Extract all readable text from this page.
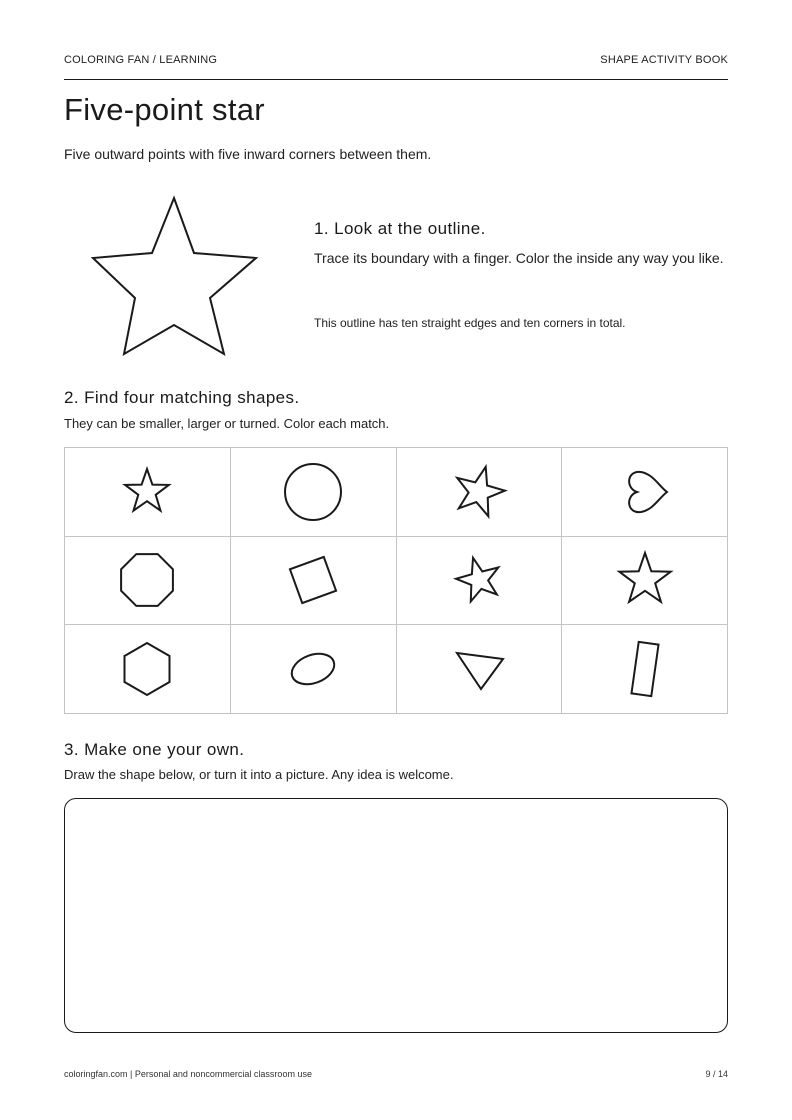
COLORING FAN / LEARNING	SHAPE ACTIVITY BOOK
Five-point star
Five outward points with five inward corners between them.
1. Look at the outline.
Trace its boundary with a finger. Color the inside any way you like.
This outline has ten straight edges and ten corners in total.
2. Find four matching shapes.
They can be smaller, larger or turned. Color each match.
3. Make one your own.
Draw the shape below, or turn it into a picture. Any idea is welcome.
coloringfan.com | Personal and noncommercial classroom use	9 / 14
